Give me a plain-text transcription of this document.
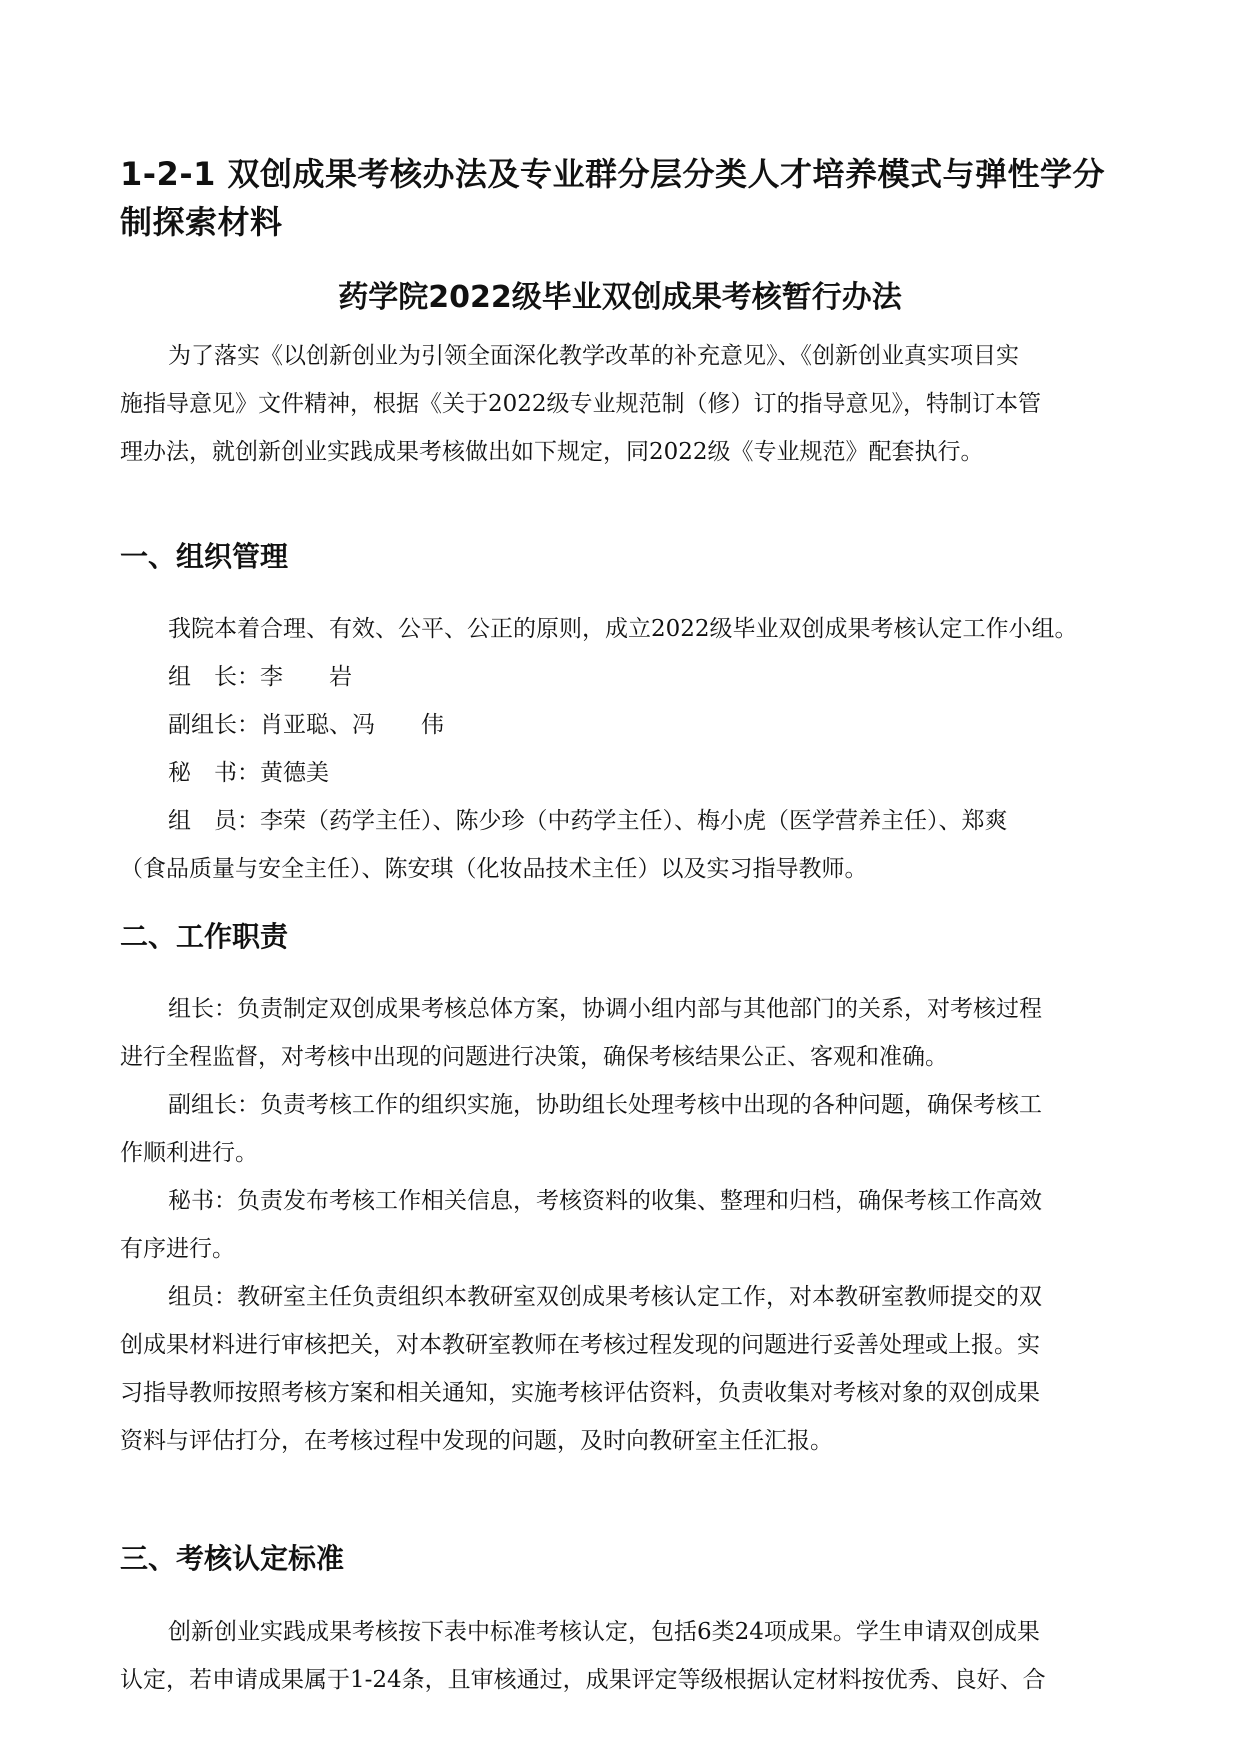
1-2-1 双创成果考核办法及专业群分层分类人才培养模式与弹性学分
制探索材料
药学院2022级毕业双创成果考核暂行办法
为了落实《以创新创业为引领全面深化教学改革的补充意见》、《创新创业真实项目实
施指导意见》文件精神，根据《关于2022级专业规范制（修）订的指导意见》，特制订本管
理办法，就创新创业实践成果考核做出如下规定，同2022级《专业规范》配套执行。
一、组织管理
我院本着合理、有效、公平、公正的原则，成立2022级毕业双创成果考核认定工作小组。
组　长：李　　岩
副组长：肖亚聪、冯　　伟
秘　书：黄德美
组　员：李荣（药学主任）、陈少珍（中药学主任）、梅小虎（医学营养主任）、郑爽
（食品质量与安全主任）、陈安琪（化妆品技术主任）以及实习指导教师。
二、工作职责
组长：负责制定双创成果考核总体方案，协调小组内部与其他部门的关系，对考核过程
进行全程监督，对考核中出现的问题进行决策，确保考核结果公正、客观和准确。
副组长：负责考核工作的组织实施，协助组长处理考核中出现的各种问题，确保考核工
作顺利进行。
秘书：负责发布考核工作相关信息，考核资料的收集、整理和归档，确保考核工作高效
有序进行。
组员：教研室主任负责组织本教研室双创成果考核认定工作，对本教研室教师提交的双
创成果材料进行审核把关，对本教研室教师在考核过程发现的问题进行妥善处理或上报。实
习指导教师按照考核方案和相关通知，实施考核评估资料，负责收集对考核对象的双创成果
资料与评估打分，在考核过程中发现的问题，及时向教研室主任汇报。
三、考核认定标准
创新创业实践成果考核按下表中标准考核认定，包括6类24项成果。学生申请双创成果
认定，若申请成果属于1-24条，且审核通过，成果评定等级根据认定材料按优秀、良好、合
